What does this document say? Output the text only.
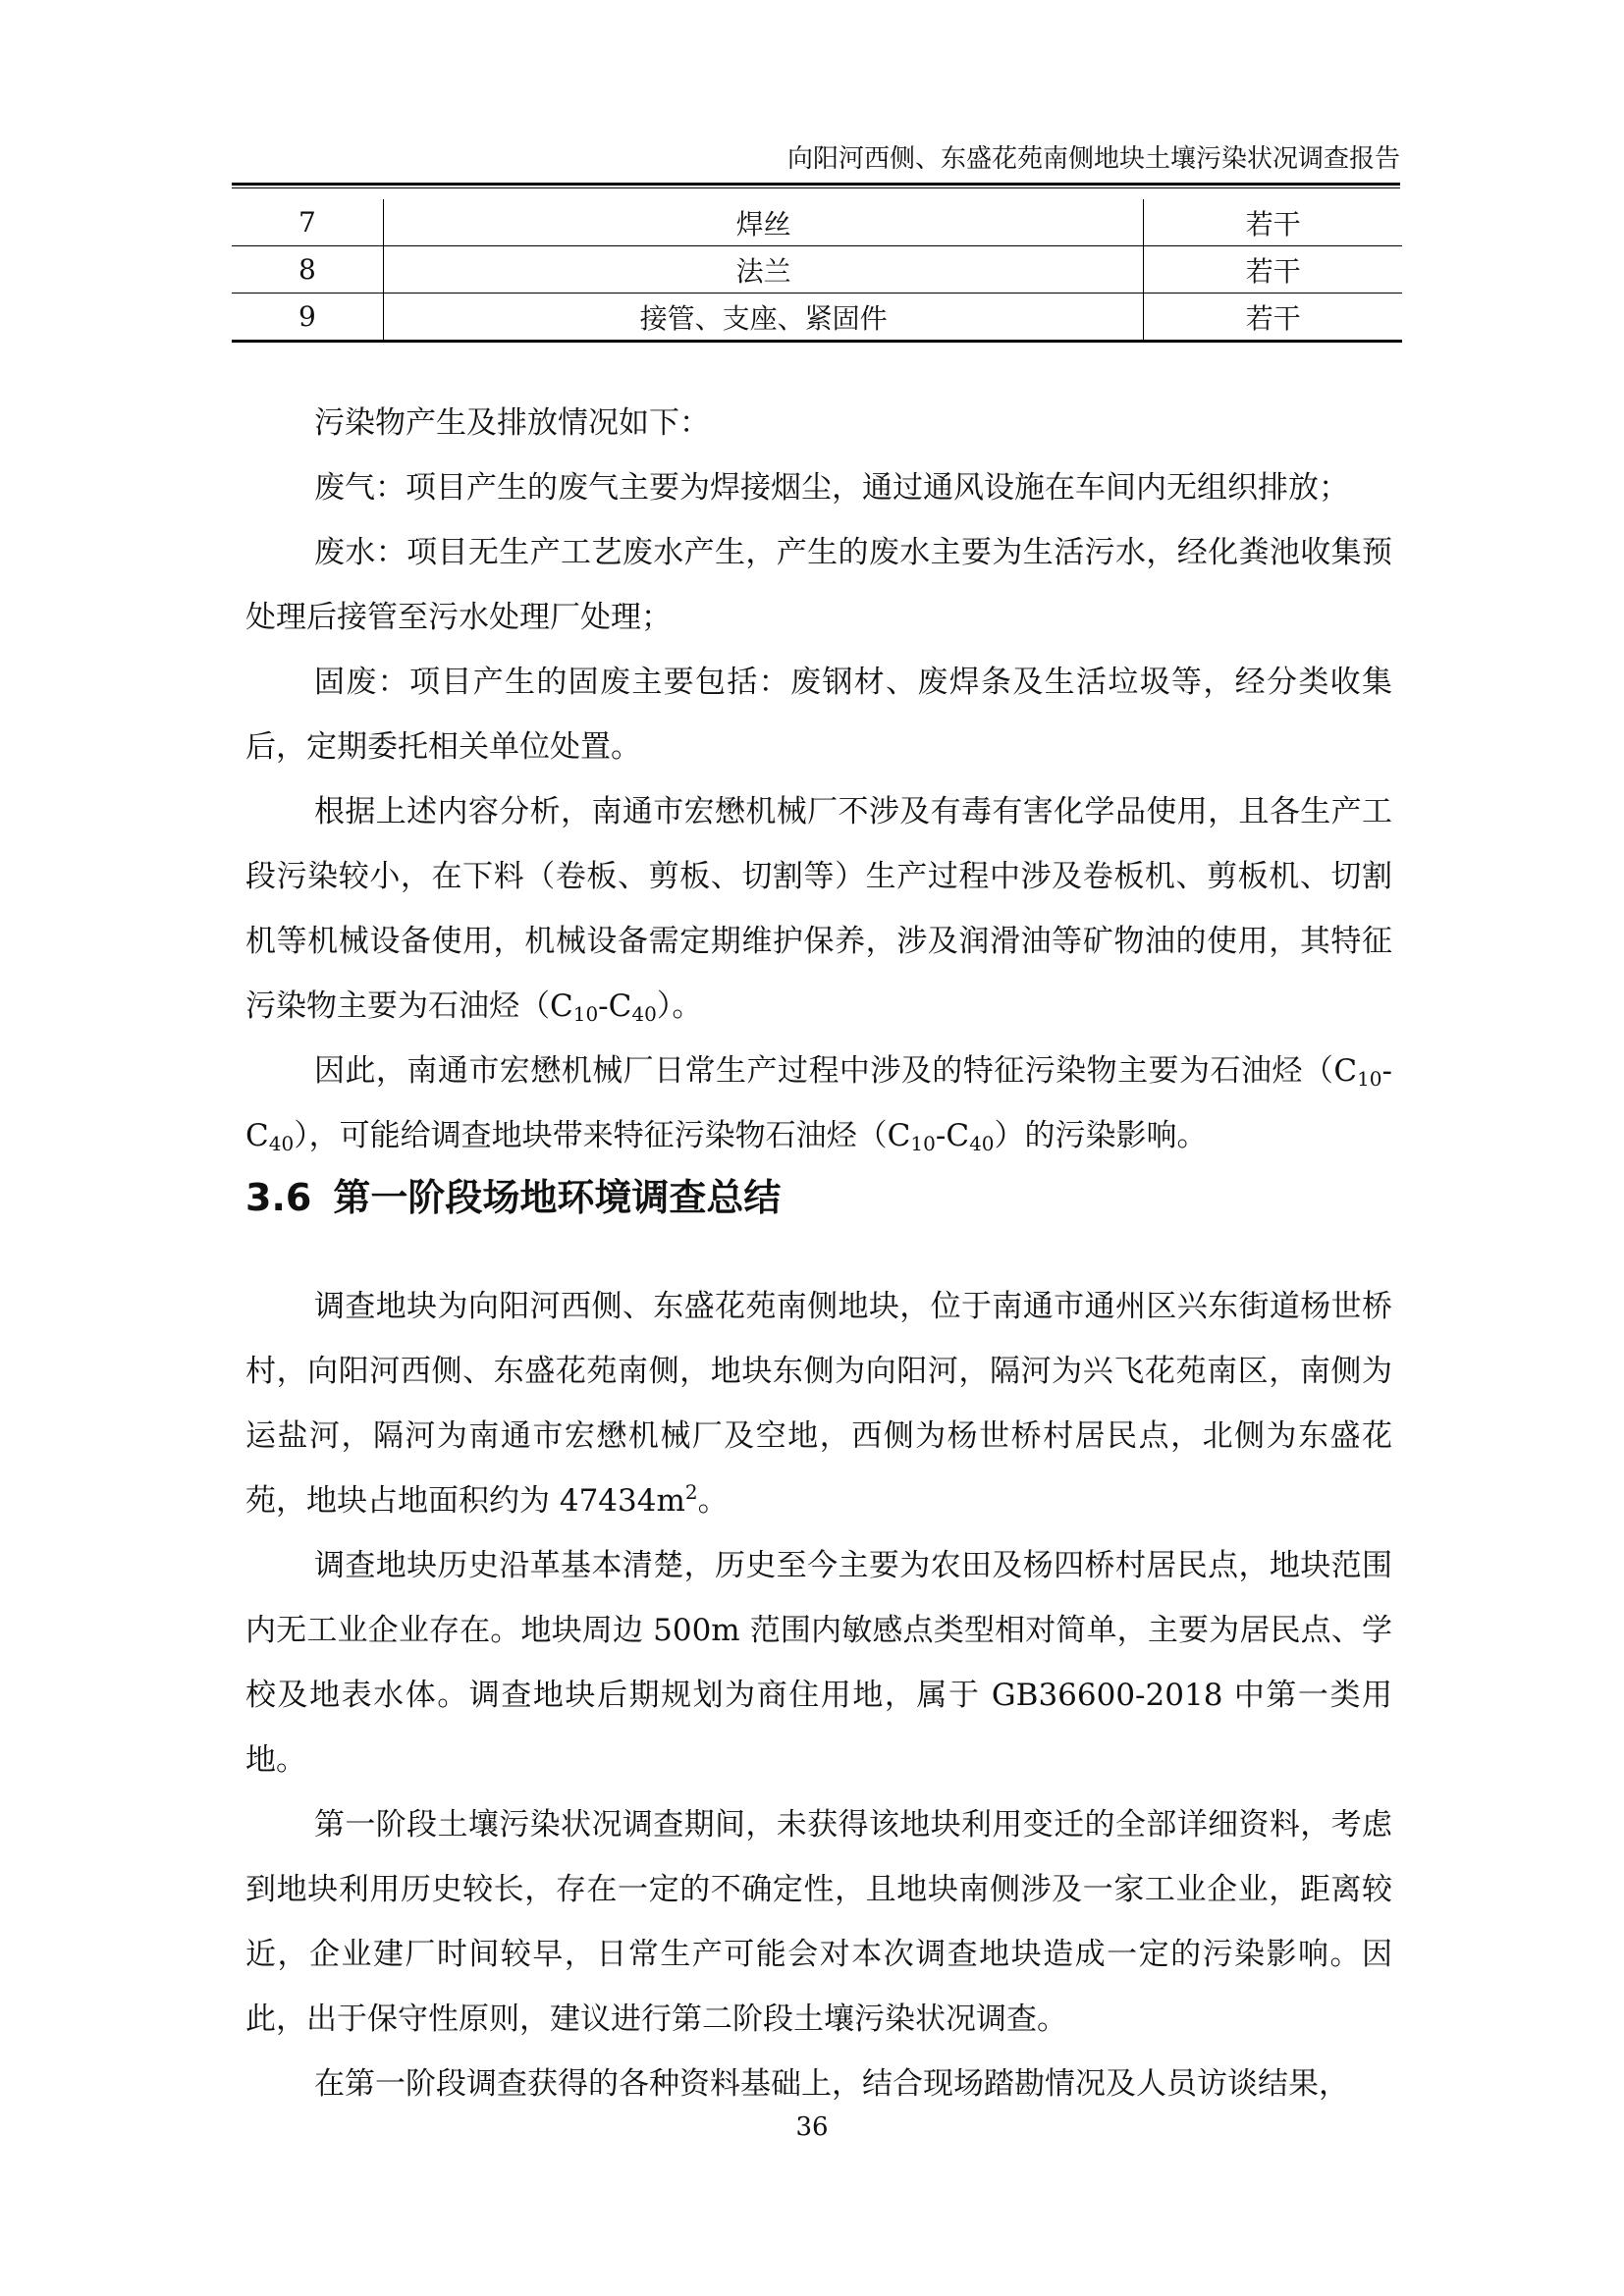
向阳河西侧、东盛花苑南侧地块土壤污染状况调查报告
7	焊丝	若干
8	法兰	若干
9	接管、支座、紧固件	若干

污染物产生及排放情况如下：

废气：项目产生的废气主要为焊接烟尘，通过通风设施在车间内无组织排放；

废水：项目无生产工艺废水产生，产生的废水主要为生活污水，经化粪池收集预处理后接管至污水处理厂处理；

固废：项目产生的固废主要包括：废钢材、废焊条及生活垃圾等，经分类收集后，定期委托相关单位处置。

根据上述内容分析，南通市宏懋机械厂不涉及有毒有害化学品使用，且各生产工段污染较小，在下料（卷板、剪板、切割等）生产过程中涉及卷板机、剪板机、切割机等机械设备使用，机械设备需定期维护保养，涉及润滑油等矿物油的使用，其特征污染物主要为石油烃$(C_{10}-C_{40})$。

因此，南通市宏懋机械厂日常生产过程中涉及的特征污染物主要为石油烃$(C_{10}-C_{40})$，可能给调查地块带来特征污染物石油烃$(C_{10}-C_{40})$的污染影响。

3.6 第一阶段场地环境调查总结

调查地块为向阳河西侧、东盛花苑南侧地块，位于南通市通州区兴东街道杨世桥村，向阳河西侧、东盛花苑南侧，地块东侧为向阳河，隔河为兴飞花苑南区，南侧为运盐河，隔河为南通市宏懋机械厂及空地，西侧为杨世桥村居民点，北侧为东盛花苑，地块占地面积约为 $47434m^2$。

调查地块历史沿革基本清楚，历史至今主要为农田及杨四桥村居民点，地块范围内无工业企业存在。地块周边 500m 范围内敏感点类型相对简单，主要为居民点、学校及地表水体。调查地块后期规划为商住用地，属于 GB36600-2018 中第一类用地。

第一阶段土壤污染状况调查期间，未获得该地块利用变迁的全部详细资料，考虑到地块利用历史较长，存在一定的不确定性，且地块南侧涉及一家工业企业，距离较近，企业建厂时间较早，日常生产可能会对本次调查地块造成一定的污染影响。因此，出于保守性原则，建议进行第二阶段土壤污染状况调查。

在第一阶段调查获得的各种资料基础上，结合现场踏勘情况及人员访谈结果，

36
